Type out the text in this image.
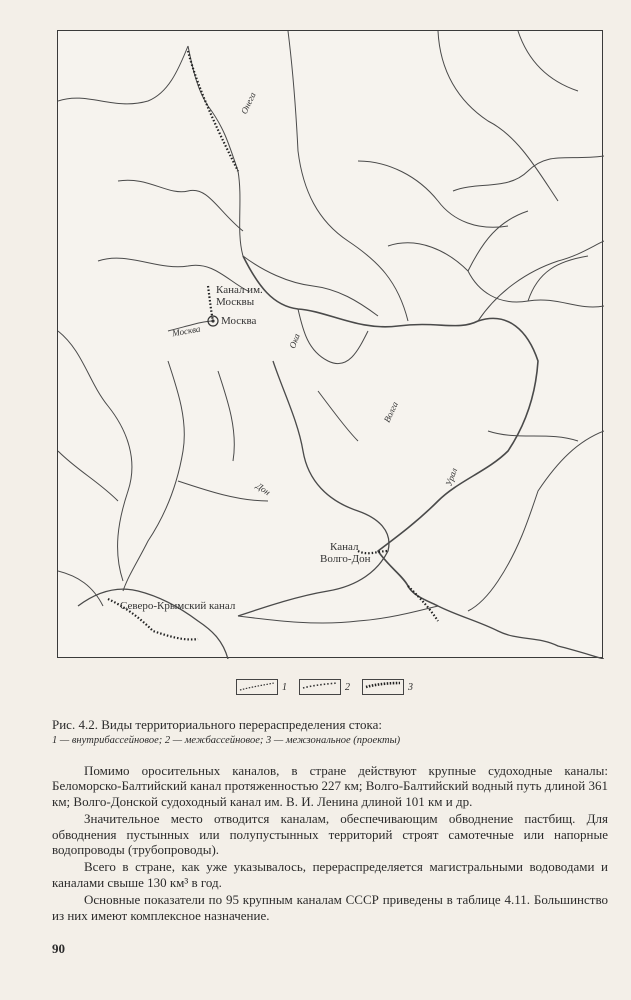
Онега
Канал им.
Москвы
Москва
Москва
Ока
Волга
Дон
Урал
Канал
Волго-Дон
Северо-Крымский канал
1	2	3
Рис. 4.2. Виды территориального перераспределения стока:
1 — внутрибассейновое; 2 — межбассейновое; 3 — межзональное (проекты)

Помимо оросительных каналов, в стране действуют крупные судоходные каналы: Беломорско-Балтийский канал протяженностью 227 км; Волго-Балтийский водный путь длиной 361 км; Волго-Донской судоходный канал им. В. И. Ленина длиной 101 км и др.

Значительное место отводится каналам, обеспечивающим обводнение пастбищ. Для обводнения пустынных или полупустынных территорий строят самотечные или напорные водопроводы (трубопроводы).

Всего в стране, как уже указывалось, перераспределяется магистральными водоводами и каналами свыше 130 км³ в год.

Основные показатели по 95 крупным каналам СССР приведены в таблице 4.11. Большинство из них имеют комплексное назначение.

90
